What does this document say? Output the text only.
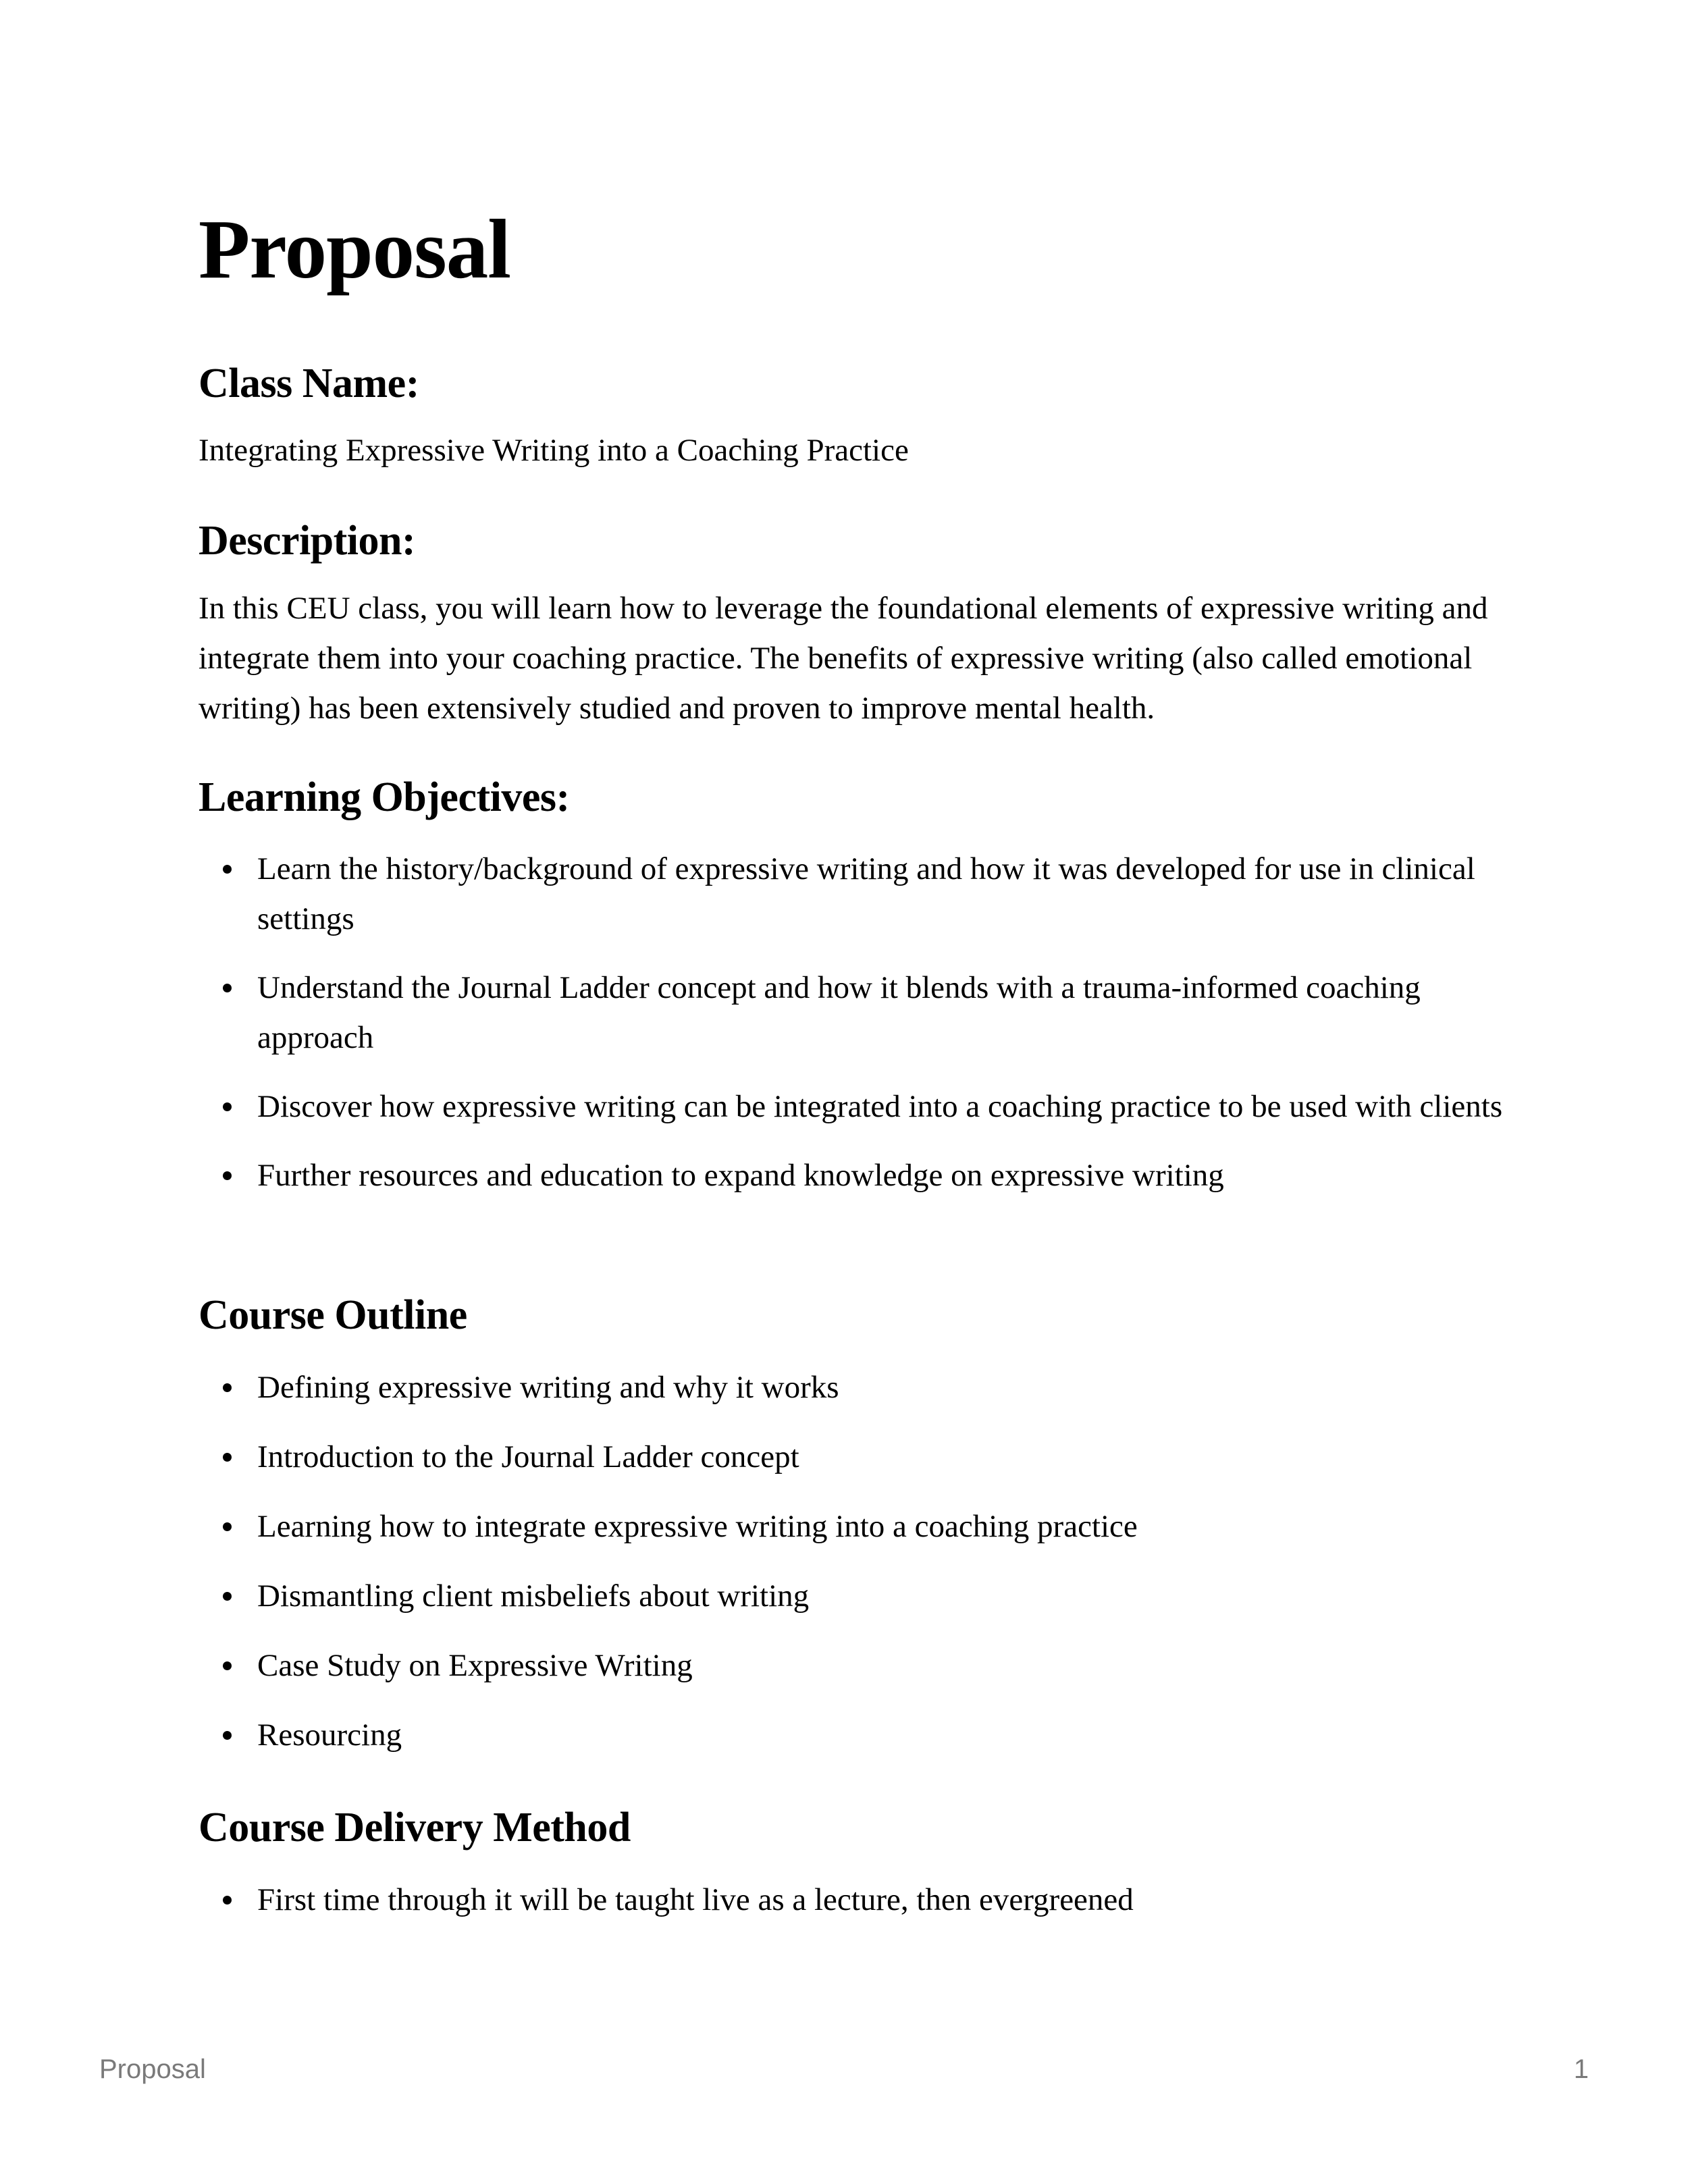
Proposal
Class Name:

Integrating Expressive Writing into a Coaching Practice

Description:

In this CEU class, you will learn how to leverage the foundational elements of expressive writing and integrate them into your coaching practice. The benefits of expressive writing (also called emotional writing) has been extensively studied and proven to improve mental health.

Learning Objectives:
Learn the history/background of expressive writing and how it was developed for use in clinical settings
Understand the Journal Ladder concept and how it blends with a trauma-informed coaching approach
Discover how expressive writing can be integrated into a coaching practice to be used with clients
Further resources and education to expand knowledge on expressive writing
Course Outline
Defining expressive writing and why it works
Introduction to the Journal Ladder concept
Learning how to integrate expressive writing into a coaching practice
Dismantling client misbeliefs about writing
Case Study on Expressive Writing
Resourcing
Course Delivery Method
First time through it will be taught live as a lecture, then evergreened
Proposal	1
